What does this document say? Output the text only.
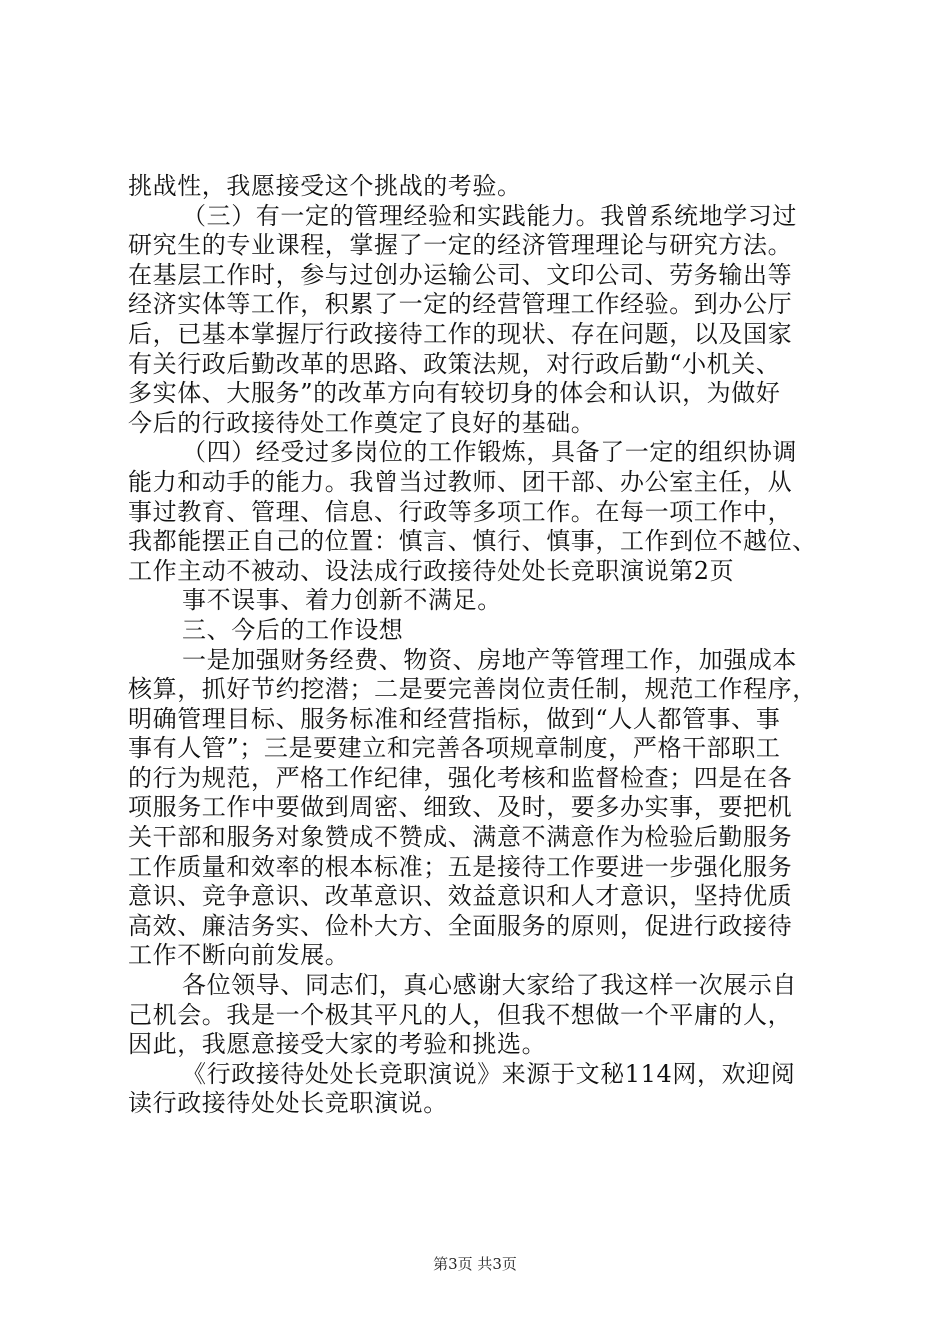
挑战性，我愿接受这个挑战的考验。
（三）有一定的管理经验和实践能力。我曾系统地学习过
研究生的专业课程，掌握了一定的经济管理理论与研究方法。
在基层工作时，参与过创办运输公司、文印公司、劳务输出等
经济实体等工作，积累了一定的经营管理工作经验。到办公厅
后，已基本掌握厅行政接待工作的现状、存在问题，以及国家
有关行政后勤改革的思路、政策法规，对行政后勤“小机关、
多实体、大服务”的改革方向有较切身的体会和认识，为做好
今后的行政接待处工作奠定了良好的基础。
（四）经受过多岗位的工作锻炼，具备了一定的组织协调
能力和动手的能力。我曾当过教师、团干部、办公室主任，从
事过教育、管理、信息、行政等多项工作。在每一项工作中，
我都能摆正自己的位置：慎言、慎行、慎事，工作到位不越位、
工作主动不被动、设法成行政接待处处长竞职演说第2页
事不误事、着力创新不满足。
三、今后的工作设想
一是加强财务经费、物资、房地产等管理工作，加强成本
核算，抓好节约挖潜；二是要完善岗位责任制，规范工作程序，
明确管理目标、服务标准和经营指标，做到“人人都管事、事
事有人管”；三是要建立和完善各项规章制度，严格干部职工
的行为规范，严格工作纪律，强化考核和监督检查；四是在各
项服务工作中要做到周密、细致、及时，要多办实事，要把机
关干部和服务对象赞成不赞成、满意不满意作为检验后勤服务
工作质量和效率的根本标准；五是接待工作要进一步强化服务
意识、竞争意识、改革意识、效益意识和人才意识，坚持优质
高效、廉洁务实、俭朴大方、全面服务的原则，促进行政接待
工作不断向前发展。
各位领导、同志们，真心感谢大家给了我这样一次展示自
己机会。我是一个极其平凡的人，但我不想做一个平庸的人，
因此，我愿意接受大家的考验和挑选。
《行政接待处处长竞职演说》来源于文秘114网，欢迎阅
读行政接待处处长竞职演说。
第3页 共3页
